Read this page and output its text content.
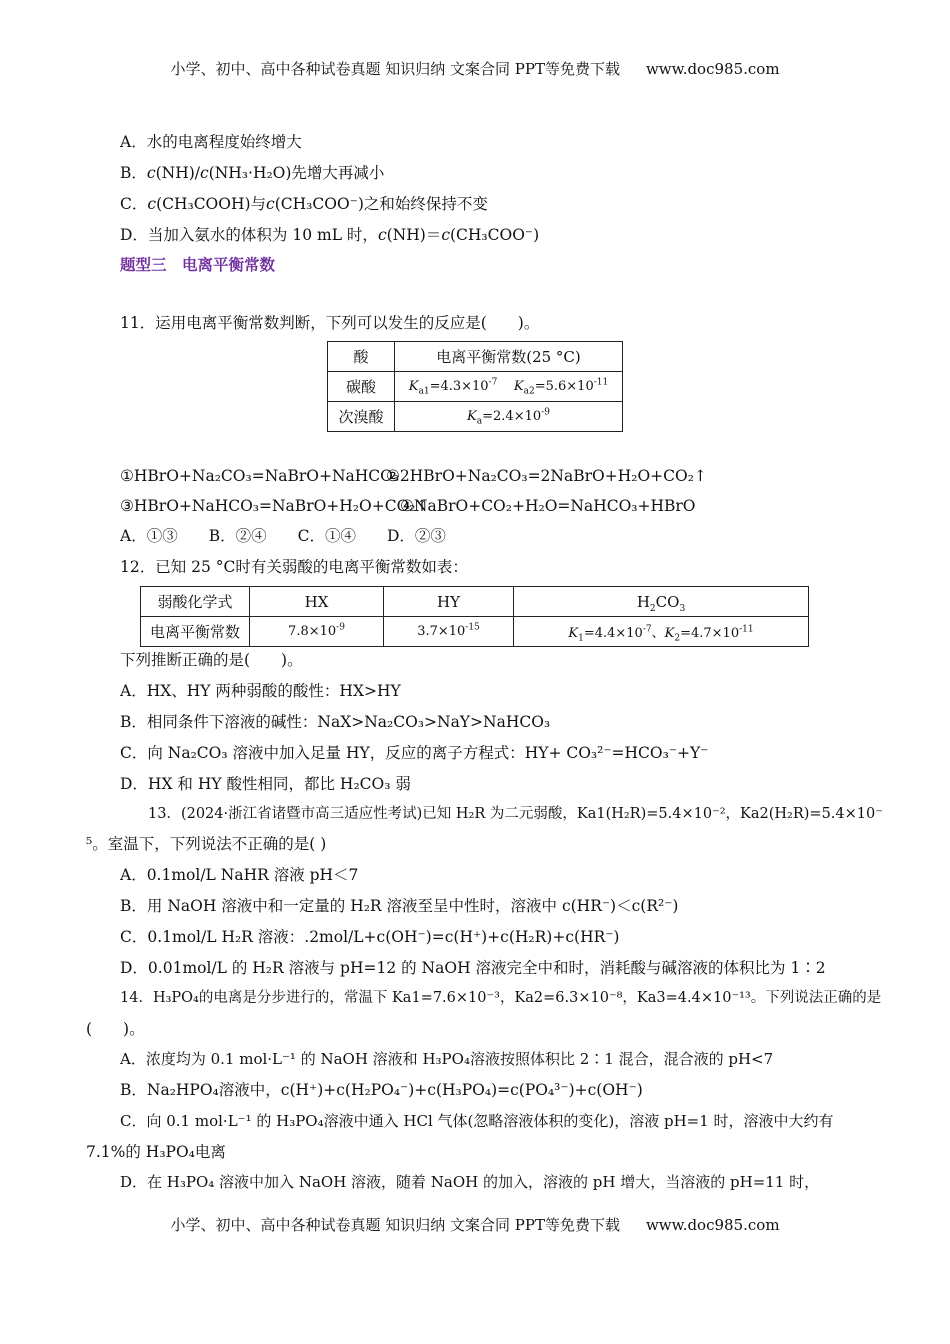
小学、初中、高中各种试卷真题 知识归纳 文案合同 PPT等免费下载 www.doc985.com
A．水的电离程度始终增大
B．c(NH)/c(NH₃·H₂O)先增大再减小
C．c(CH₃COOH)与c(CH₃COO⁻)之和始终保持不变
D．当加入氨水的体积为 10 mL 时，c(NH)＝c(CH₃COO⁻)
题型三　电离平衡常数
11．运用电离平衡常数判断，下列可以发生的反应是(　　)。
酸	电离平衡常数(25 °C)
碳酸	$K_{a1}=4.3\times 10^{-7}$ $K_{a2}=5.6\times 10^{-11}$
次溴酸	$K_a=2.4\times 10^{-9}$
①HBrO+Na₂CO₃=NaBrO+NaHCO₃
②2HBrO+Na₂CO₃=2NaBrO+H₂O+CO₂↑
③HBrO+NaHCO₃=NaBrO+H₂O+CO₂↑
④NaBrO+CO₂+H₂O=NaHCO₃+HBrO
A．①③　　B．②④　　C．①④　　D．②③
12．已知 25 °C时有关弱酸的电离平衡常数如表：
弱酸化学式	HX	HY	$H_2CO_3$
电离平衡常数	$7.8\times 10^{-9}$	$3.7\times 10^{-15}$	$K_1=4.4\times 10^{-7}$、$K_2=4.7\times 10^{-11}$
下列推断正确的是(　　)。
A．HX、HY 两种弱酸的酸性：HX>HY
B．相同条件下溶液的碱性：NaX>Na₂CO₃>NaY>NaHCO₃
C．向 Na₂CO₃ 溶液中加入足量 HY，反应的离子方程式：HY+ CO₃²⁻=HCO₃⁻+Y⁻
D．HX 和 HY 酸性相同，都比 H₂CO₃ 弱
13．(2024·浙江省诸暨市高三适应性考试)已知 H₂R 为二元弱酸，Ka1(H₂R)=5.4×10⁻²，Ka2(H₂R)=5.4×10⁻
⁵。室温下，下列说法不正确的是( )
A．0.1mol/L NaHR 溶液 pH＜7
B．用 NaOH 溶液中和一定量的 H₂R 溶液至呈中性时，溶液中 c(HR⁻)＜c(R²⁻)
C．0.1mol/L H₂R 溶液：.2mol/L+c(OH⁻)=c(H⁺)+c(H₂R)+c(HR⁻)
D．0.01mol/L 的 H₂R 溶液与 pH=12 的 NaOH 溶液完全中和时，消耗酸与碱溶液的体积比为 1∶2
14．H₃PO₄的电离是分步进行的，常温下 Ka1=7.6×10⁻³，Ka2=6.3×10⁻⁸，Ka3=4.4×10⁻¹³。下列说法正确的是
(　　)。
A．浓度均为 0.1 mol·L⁻¹ 的 NaOH 溶液和 H₃PO₄溶液按照体积比 2∶1 混合，混合液的 pH<7
B．Na₂HPO₄溶液中，c(H⁺)+c(H₂PO₄⁻)+c(H₃PO₄)=c(PO₄³⁻)+c(OH⁻)
C．向 0.1 mol·L⁻¹ 的 H₃PO₄溶液中通入 HCl 气体(忽略溶液体积的变化)，溶液 pH=1 时，溶液中大约有
7.1%的 H₃PO₄电离
D．在 H₃PO₄ 溶液中加入 NaOH 溶液，随着 NaOH 的加入，溶液的 pH 增大，当溶液的 pH=11 时，
小学、初中、高中各种试卷真题 知识归纳 文案合同 PPT等免费下载 www.doc985.com
